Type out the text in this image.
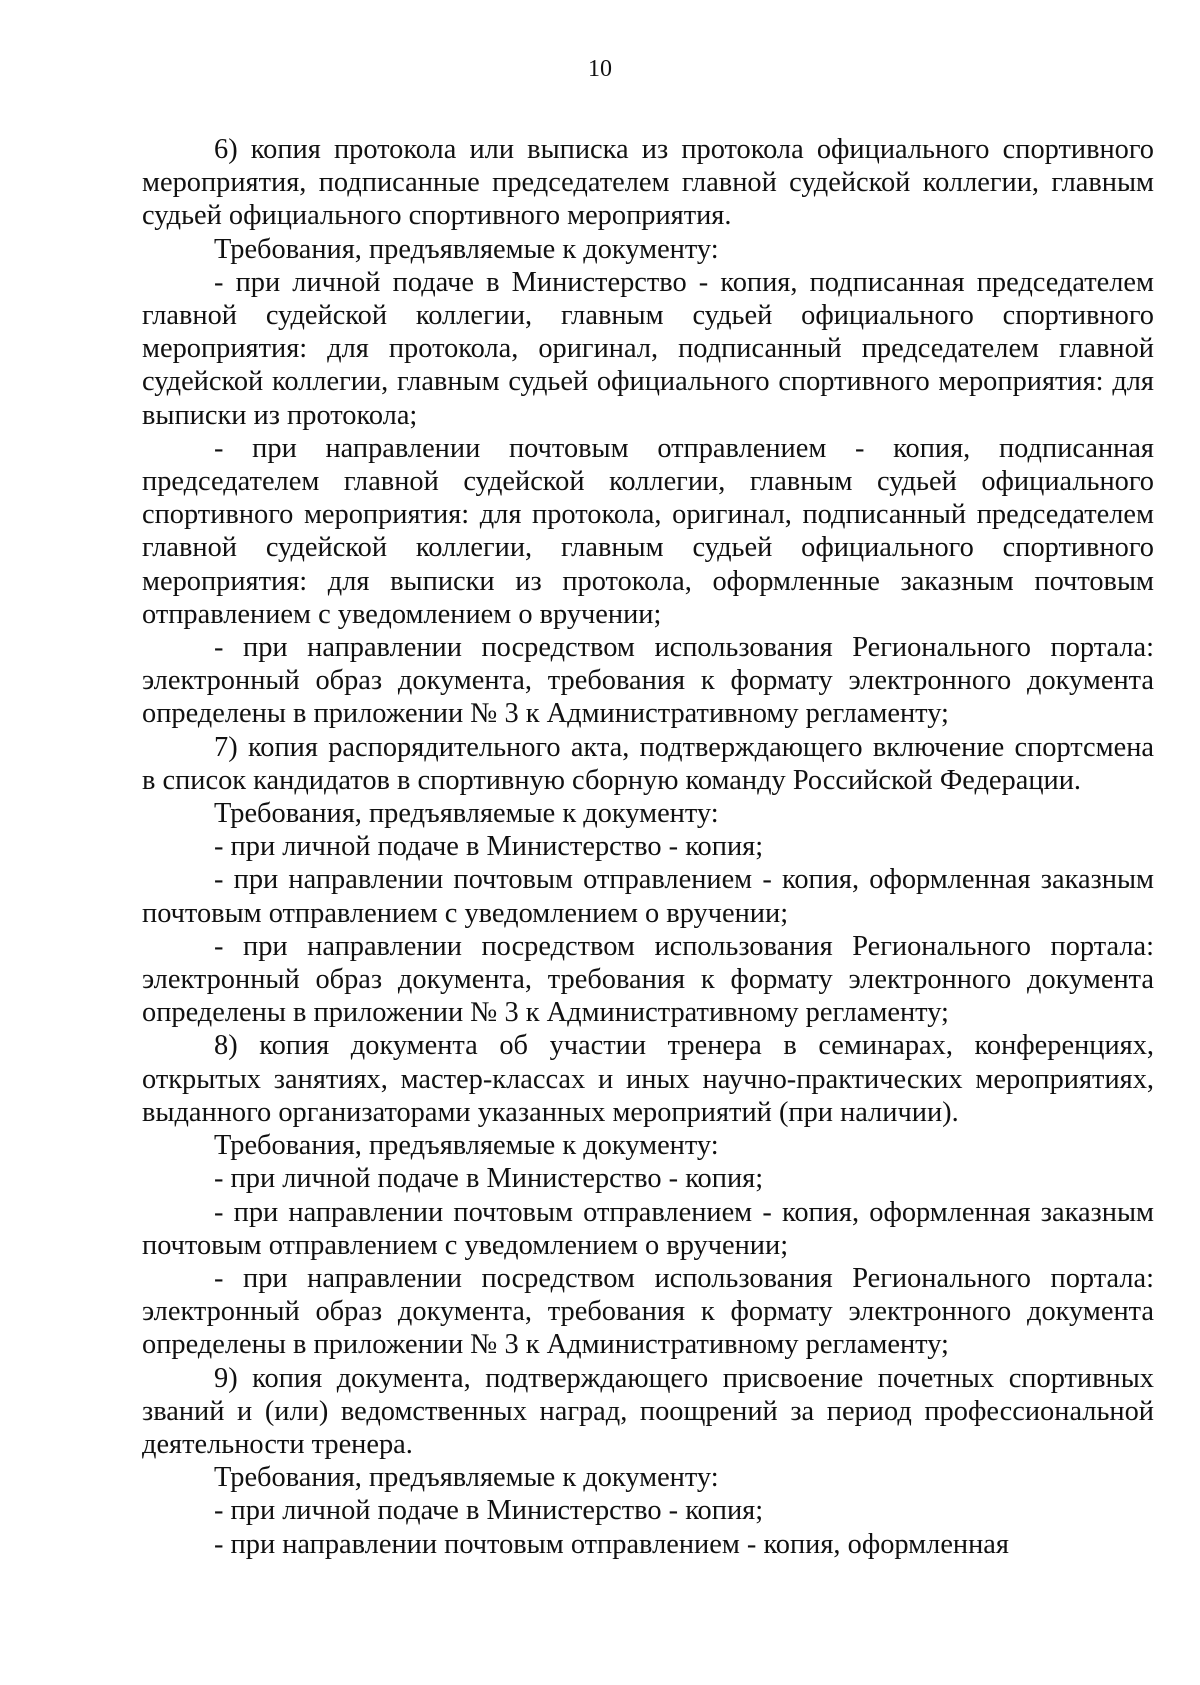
10

6) копия протокола или выписка из протокола официального спортивного мероприятия, подписанные председателем главной судейской коллегии, главным судьей официального спортивного мероприятия.

Требования, предъявляемые к документу:

- при личной подаче в Министерство - копия, подписанная председателем главной судейской коллегии, главным судьей официального спортивного мероприятия: для протокола, оригинал, подписанный председателем главной судейской коллегии, главным судьей официального спортивного мероприятия: для выписки из протокола;

- при направлении почтовым отправлением - копия, подписанная председателем главной судейской коллегии, главным судьей официального спортивного мероприятия: для протокола, оригинал, подписанный председателем главной судейской коллегии, главным судьей официального спортивного мероприятия: для выписки из протокола, оформленные заказным почтовым отправлением с уведомлением о вручении;

- при направлении посредством использования Регионального портала: электронный образ документа, требования к формату электронного документа определены в приложении № 3 к Административному регламенту;

7) копия распорядительного акта, подтверждающего включение спортсмена в список кандидатов в спортивную сборную команду Российской Федерации.

Требования, предъявляемые к документу:

- при личной подаче в Министерство - копия;

- при направлении почтовым отправлением - копия, оформленная заказным почтовым отправлением с уведомлением о вручении;

- при направлении посредством использования Регионального портала: электронный образ документа, требования к формату электронного документа определены в приложении № 3 к Административному регламенту;

8) копия документа об участии тренера в семинарах, конференциях, открытых занятиях, мастер-классах и иных научно-практических мероприятиях, выданного организаторами указанных мероприятий (при наличии).

Требования, предъявляемые к документу:

- при личной подаче в Министерство - копия;

- при направлении почтовым отправлением - копия, оформленная заказным почтовым отправлением с уведомлением о вручении;

- при направлении посредством использования Регионального портала: электронный образ документа, требования к формату электронного документа определены в приложении № 3 к Административному регламенту;

9) копия документа, подтверждающего присвоение почетных спортивных званий и (или) ведомственных наград, поощрений за период профессиональной деятельности тренера.

Требования, предъявляемые к документу:

- при личной подаче в Министерство - копия;

- при направлении почтовым отправлением - копия, оформленная
